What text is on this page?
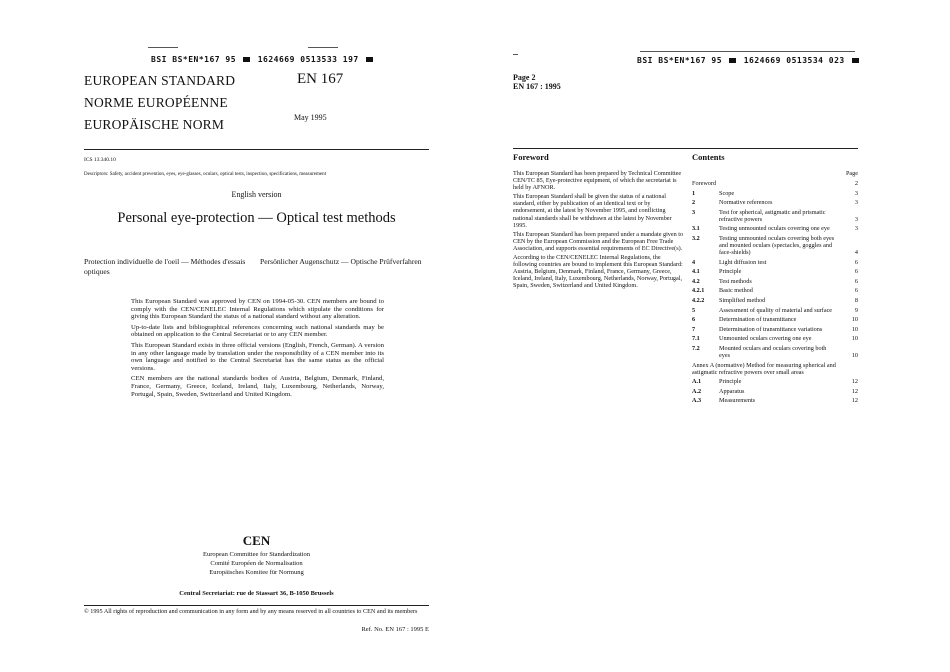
BSI BS*EN*167 95	1624669 0513533 197
EUROPEAN STANDARD
NORME EUROPÉENNE
EUROPÄISCHE NORM
EN 167
May 1995
ICS 13.340.10
Descriptors: Safety, accident prevention, eyes, eye-glasses, oculars, optical tests, inspection, specifications, measurement
English version
Personal eye-protection — Optical test methods
Protection individuelle de l'oeil — Méthodes d'essais optiques
Persönlicher Augenschutz — Optische Prüfverfahren

This European Standard was approved by CEN on 1994-05-30. CEN members are bound to comply with the CEN/CENELEC Internal Regulations which stipulate the conditions for giving this European Standard the status of a national standard without any alteration.

Up-to-date lists and bibliographical references concerning such national standards may be obtained on application to the Central Secretariat or to any CEN member.

This European Standard exists in three official versions (English, French, German). A version in any other language made by translation under the responsibility of a CEN member into its own language and notified to the Central Secretariat has the same status as the official versions.

CEN members are the national standards bodies of Austria, Belgium, Denmark, Finland, France, Germany, Greece, Iceland, Ireland, Italy, Luxembourg, Netherlands, Norway, Portugal, Spain, Sweden, Switzerland and United Kingdom.

CEN
European Committee for Standardization
Comité Européen de Normalisation
Europäisches Komitee für Normung
Central Secretariat: rue de Stassart 36, B-1050 Brussels
© 1995 All rights of reproduction and communication in any form and by any means reserved in all countries to CEN and its members
Ref. No. EN 167 : 1995 E
BSI BS*EN*167 95	1624669 0513534 023
Page 2
EN 167 : 1995
Foreword

This European Standard has been prepared by Technical Committee CEN/TC 85, Eye-protective equipment, of which the secretariat is held by AFNOR.

This European Standard shall be given the status of a national standard, either by publication of an identical text or by endorsement, at the latest by November 1995, and conflicting national standards shall be withdrawn at the latest by November 1995.

This European Standard has been prepared under a mandate given to CEN by the European Commission and the European Free Trade Association, and supports essential requirements of EC Directive(s).

According to the CEN/CENELEC Internal Regulations, the following countries are bound to implement this European Standard: Austria, Belgium, Denmark, Finland, France, Germany, Greece, Iceland, Ireland, Italy, Luxembourg, Netherlands, Norway, Portugal, Spain, Sweden, Switzerland and United Kingdom.

Contents
Page
Foreword	2
1	Scope	3
2	Normative references	3
3	Test for spherical, astigmatic and prismatic refractive powers	3
3.1	Testing unmounted oculars covering one eye	3
3.2	Testing unmounted oculars covering both eyes and mounted oculars (spectacles, goggles and face-shields)	4
4	Light diffusion test	6
4.1	Principle	6
4.2	Test methods	6
4.2.1 Basic method	6
4.2.2 Simplified method	8
5	Assessment of quality of material and surface	9
6	Determination of transmittance	10
7	Determination of transmittance variations	10
7.1	Unmounted oculars covering one eye	10
7.2	Mounted oculars and oculars covering both eyes	10
Annex A (normative) Method for measuring spherical and astigmatic refractive powers over small areas
A.1	Principle	12
A.2	Apparatus	12
A.3	Measurements	12
